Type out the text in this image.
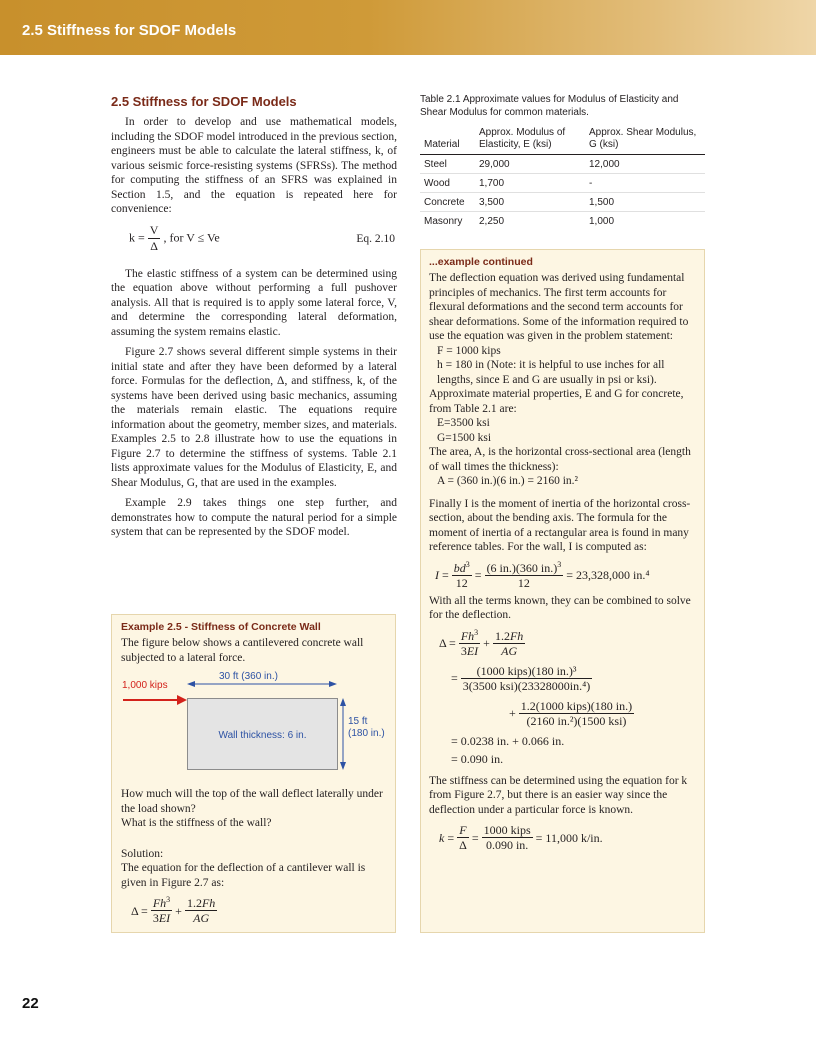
2.5 Stiffness for SDOF Models
2.5 Stiffness for SDOF Models

In order to develop and use mathematical models, including the SDOF model introduced in the previous section, engineers must be able to calculate the lateral stiffness, k, of various seismic force-resisting systems (SFRSs). The method for computing the stiffness of an SFRS was explained in Section 1.5, and the equation is repeated here for convenience:

$k = \frac{V}{\Delta}$ , for V ≤ Ve	Eq. 2.10

The elastic stiffness of a system can be determined using the equation above without performing a full pushover analysis. All that is required is to apply some lateral force, V, and determine the corresponding lateral deformation, assuming the system remains elastic.

Figure 2.7 shows several different simple systems in their initial state and after they have been deformed by a lateral force. Formulas for the deflection, Δ, and stiffness, k, of the systems have been derived using basic mechanics, assuming the materials remain elastic. The equations require information about the geometry, member sizes, and materials. Examples 2.5 to 2.8 illustrate how to use the equations in Figure 2.7 to determine the stiffness of systems. Table 2.1 lists approximate values for the Modulus of Elasticity, E, and Shear Modulus, G, that are used in the examples.

Example 2.9 takes things one step further, and demonstrates how to compute the natural period for a simple system that can be represented by the SDOF model.

Example 2.5 - Stiffness of Concrete Wall

The figure below shows a cantilevered concrete wall subjected to a lateral force.

Wall thickness: 6 in.
1,000 kips
30 ft (360 in.)
15 ft
(180 in.)

How much will the top of the wall deflect laterally under the load shown?

What is the stiffness of the wall?

Solution:

The equation for the deflection of a cantilever wall is given in Figure 2.7 as:

$\Delta = \frac{Fh^3}{3EI} + \frac{1.2Fh}{AG}$
Table 2.1 Approximate values for Modulus of Elasticity and Shear Modulus for common materials.
Material	Approx. Modulus of Elasticity, E (ksi)	Approx. Shear Modulus, G (ksi)
Steel	29,000	12,000
Wood	1,700	-
Concrete	3,500	1,500
Masonry	2,250	1,000
...example continued

The deflection equation was derived using fundamental principles of mechanics. The first term accounts for flexural deformations and the second term accounts for shear deformations. Some of the information required to use the equation was given in the problem statement:

F = 1000 kips

h = 180 in (Note: it is helpful to use inches for all lengths, since E and G are usually in psi or ksi).

Approximate material properties, E and G for concrete, from Table 2.1 are:

E=3500 ksi

G=1500 ksi

The area, A, is the horizontal cross-sectional area (length of wall times the thickness):

A = (360 in.)(6 in.) = 2160 in.²

Finally I is the moment of inertia of the horizontal cross-section, about the bending axis. The formula for the moment of inertia of a rectangular area is found in many reference tables. For the wall, I is computed as:

$I = \frac{bd^3}{12} = \frac{(6 in.)(360 in.)^3}{12}$
= 23,328,000 in.⁴

With all the terms known, they can be combined to solve for the deflection.

$\Delta = \frac{Fh^3}{3EI} + \frac{1.2Fh}{AG}$
= $\frac{\text{(1000 kips)(180 in.)³}}{\text{3(3500 ksi)(23328000in.⁴)}}$
+ $\frac{\text{1.2(1000 kips)(180 in.)}}{\text{(2160 in.²)(1500 ksi)}}$
= 0.0238 in. + 0.066 in.
= 0.090 in.

The stiffness can be determined using the equation for k from Figure 2.7, but there is an easier way since the deflection under a particular force is known.

$k = \frac{F}{\Delta} = \frac{\text{1000 kips}}{0.090 in.}$
= 11,000 k/in.
22
